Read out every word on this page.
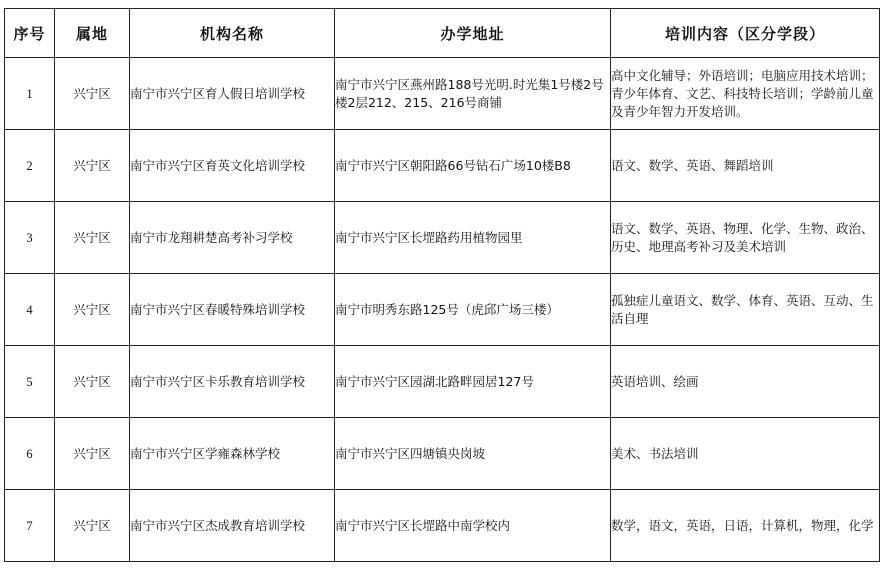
序号	属地	机构名称	办学地址	培训内容（区分学段）
1	兴宁区	南宁市兴宁区育人假日培训学校	南宁市兴宁区燕州路188号光明.时光集1号楼2号楼2层212、215、216号商铺	高中文化辅导；外语培训；电脑应用技术培训；青少年体育、文艺、科技特长培训；学龄前儿童及青少年智力开发培训。
2	兴宁区	南宁市兴宁区育英文化培训学校	南宁市兴宁区朝阳路66号钻石广场10楼B8	语文、数学、英语、舞蹈培训
3	兴宁区	南宁市龙翔耕楚高考补习学校	南宁市兴宁区长堽路药用植物园里	语文、数学、英语、物理、化学、生物、政治、历史、地理高考补习及美术培训
4	兴宁区	南宁市兴宁区春暖特殊培训学校	南宁市明秀东路125号（虎邱广场三楼）	孤独症儿童语文、数学、体育、英语、互动、生活自理
5	兴宁区	南宁市兴宁区卡乐教育培训学校	南宁市兴宁区园湖北路畔园居127号	英语培训、绘画
6	兴宁区	南宁市兴宁区学雍森林学校	南宁市兴宁区四塘镇央岗坡	美术、书法培训
7	兴宁区	南宁市兴宁区杰成教育培训学校	南宁市兴宁区长堽路中南学校内	数学，语文，英语，日语，计算机，物理，化学
